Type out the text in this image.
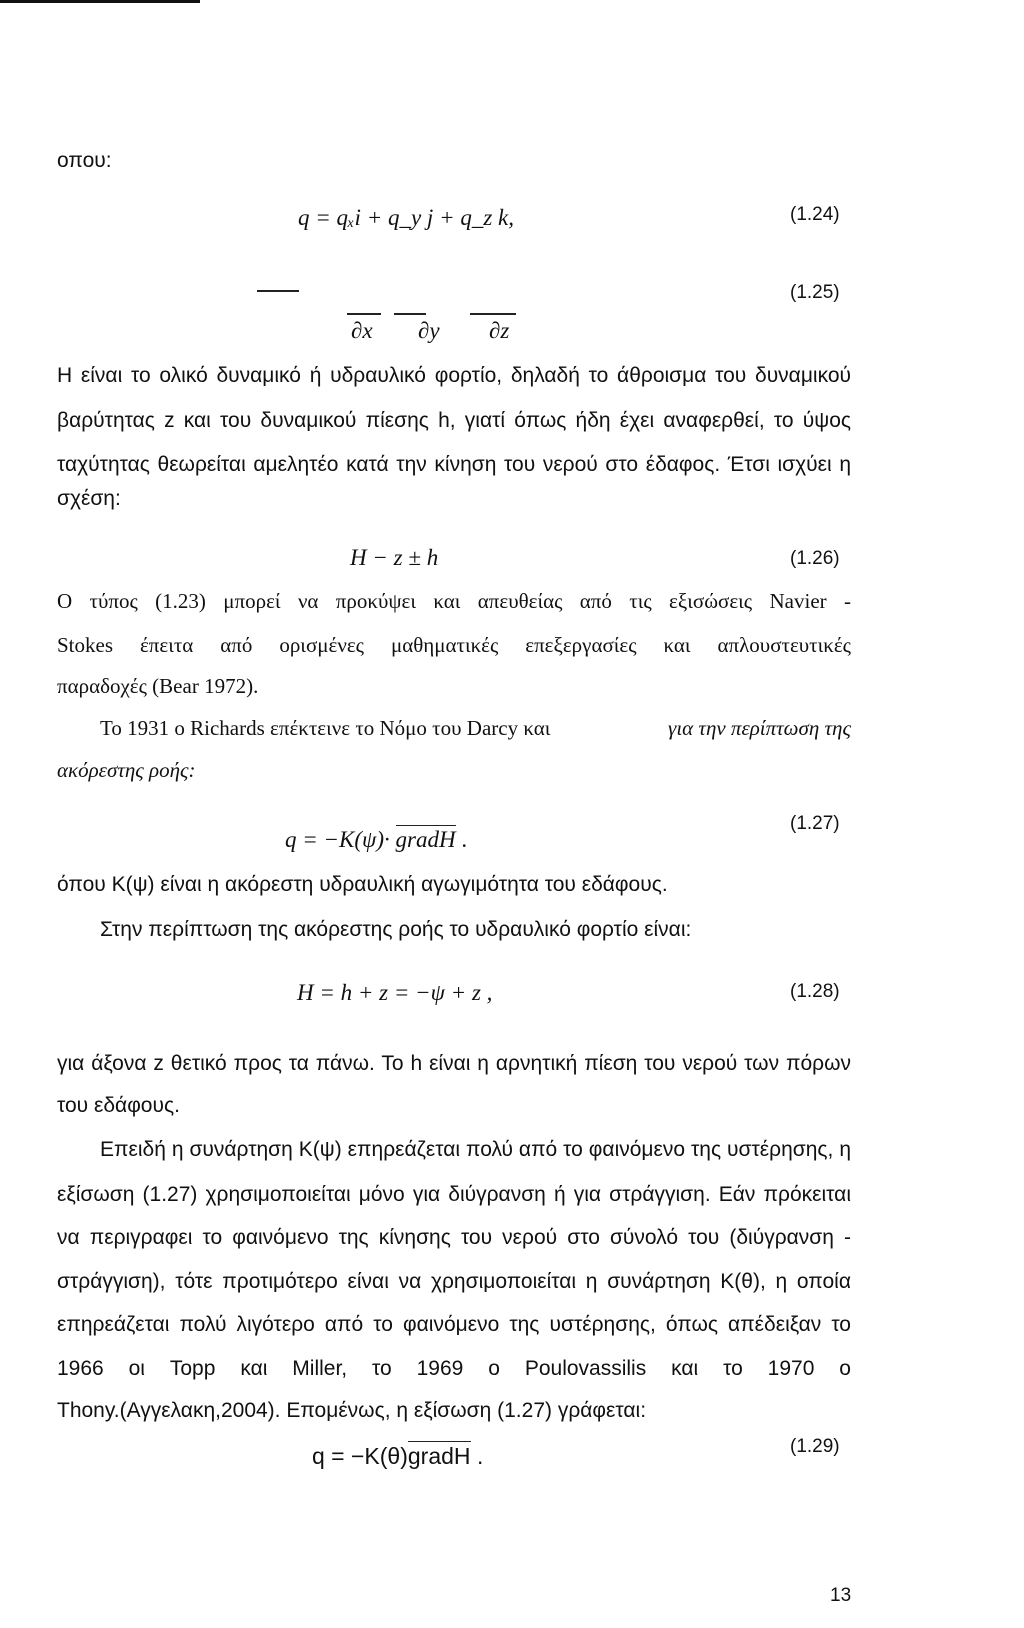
οπου:
q = qₓi + q_y j + q_z k,	(1.24)
(1.25)
∂x ∂y ∂z
Η είναι το ολικό δυναμικό ή υδραυλικό φορτίο, δηλαδή το άθροισμα του δυναμικού
βαρύτητας z και του δυναμικού πίεσης h, γιατί όπως ήδη έχει αναφερθεί, το ύψος
ταχύτητας θεωρείται αμελητέο κατά την κίνηση του νερού στο έδαφος. Έτσι ισχύει η
σχέση:
H − z ± h	(1.26)
Ο τύπος (1.23) μπορεί να προκύψει και απευθείας από τις εξισώσεις Navier -
Stokes έπειτα από ορισμένες μαθηματικές επεξεργασίες και απλουστευτικές
παραδοχές (Bear 1972).
Το 1931 ο Richards επέκτεινε το Νόμο του Darcy και	για την περίπτωση της
ακόρεστης ροής:
q = −K(ψ)· gradH .
(1.27)
όπου Κ(ψ) είναι η ακόρεστη υδραυλική αγωγιμότητα του εδάφους.
Στην περίπτωση της ακόρεστης ροής το υδραυλικό φορτίο είναι:
H = h + z = −ψ + z ,	(1.28)
για άξονα z θετικό προς τα πάνω. Το h είναι η αρνητική πίεση του νερού των πόρων
του εδάφους.
Επειδή η συνάρτηση Κ(ψ) επηρεάζεται πολύ από το φαινόμενο της υστέρησης, η
εξίσωση (1.27) χρησιμοποιείται μόνο για διύγρανση ή για στράγγιση. Εάν πρόκειται
να περιγραφει το φαινόμενο της κίνησης του νερού στο σύνολό του (διύγρανση -
στράγγιση), τότε προτιμότερο είναι να χρησιμοποιείται η συνάρτηση Κ(θ), η οποία
επηρεάζεται πολύ λιγότερο από το φαινόμενο της υστέρησης, όπως απέδειξαν το
1966 οι Topp και Miller, το 1969 ο Poulovassilis και το 1970 ο
Thony.(Αγγελακη,2004). Επομένως, η εξίσωση (1.27) γράφεται:
q = −K(θ)gradH .	(1.29)
13
